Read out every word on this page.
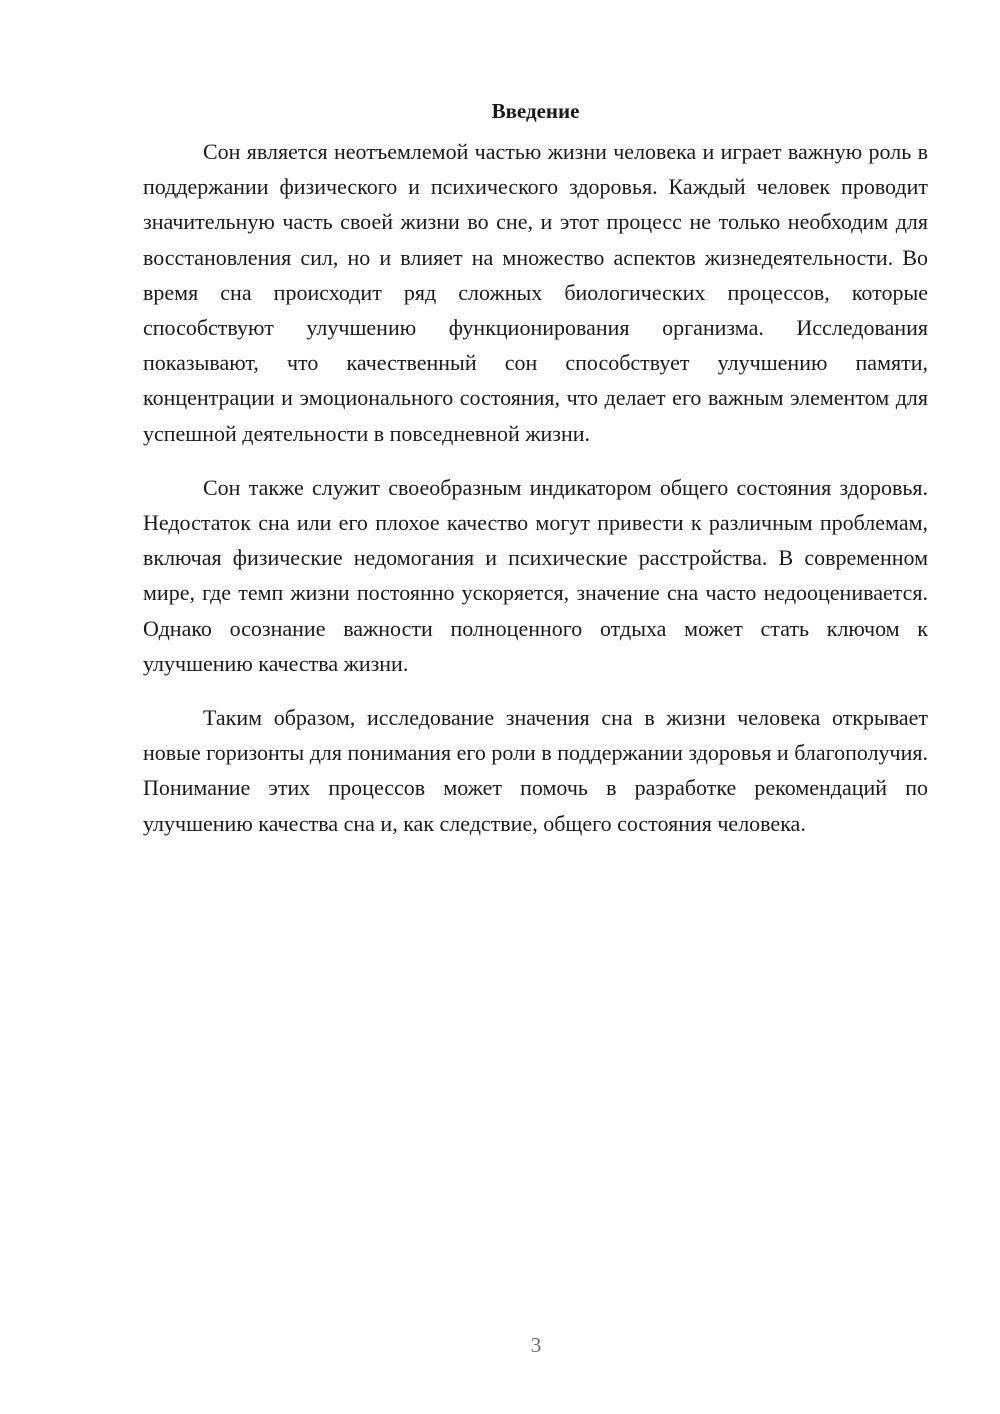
Введение

Сон является неотъемлемой частью жизни человека и играет важную роль в поддержании физического и психического здоровья. Каждый человек проводит значительную часть своей жизни во сне, и этот процесс не только необходим для восстановления сил, но и влияет на множество аспектов жизнедеятельности. Во время сна происходит ряд сложных биологических процессов, которые способствуют улучшению функционирования организма. Исследования показывают, что качественный сон способствует улучшению памяти, концентрации и эмоционального состояния, что делает его важным элементом для успешной деятельности в повседневной жизни.

Сон также служит своеобразным индикатором общего состояния здоровья. Недостаток сна или его плохое качество могут привести к различным проблемам, включая физические недомогания и психические расстройства. В современном мире, где темп жизни постоянно ускоряется, значение сна часто недооценивается. Однако осознание важности полноценного отдыха может стать ключом к улучшению качества жизни.

Таким образом, исследование значения сна в жизни человека открывает новые горизонты для понимания его роли в поддержании здоровья и благополучия. Понимание этих процессов может помочь в разработке рекомендаций по улучшению качества сна и, как следствие, общего состояния человека.

3
